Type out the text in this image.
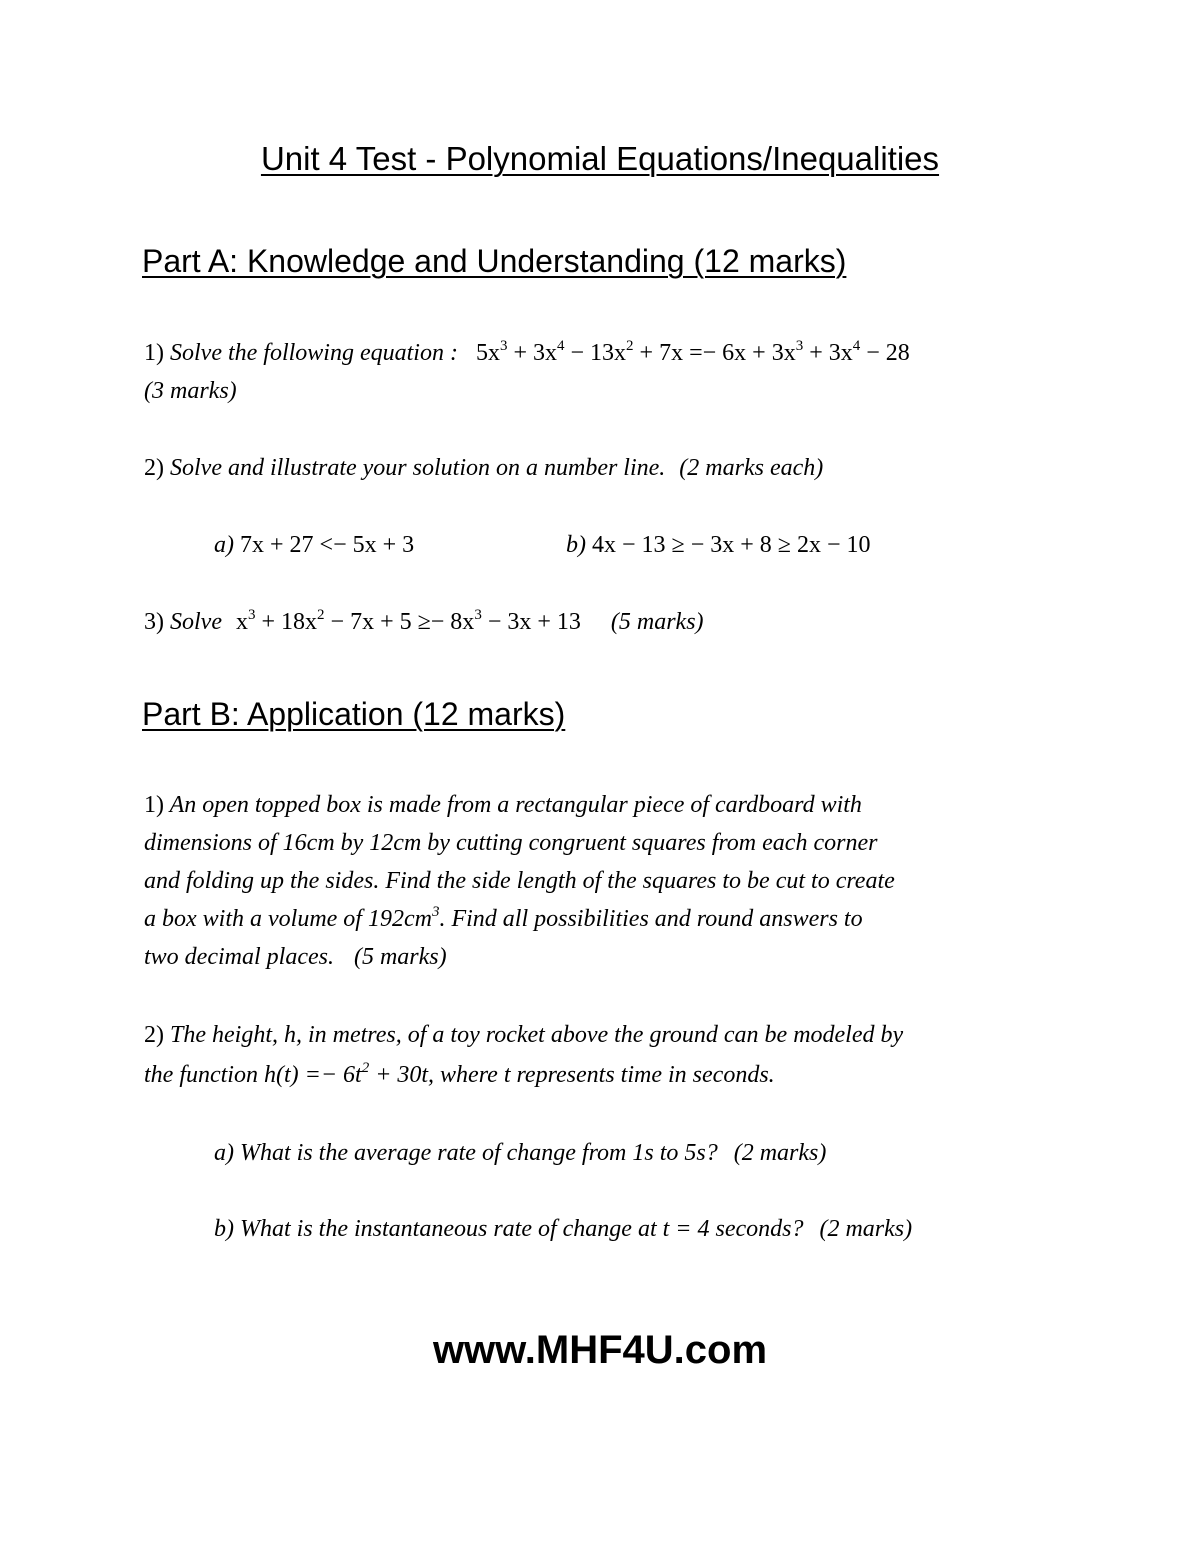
Unit 4 Test - Polynomial Equations/Inequalities
Part A: Knowledge and Understanding (12 marks)
1) Solve the following equation : $5x^3 + 3x^4 - 13x^2 + 7x =- 6x + 3x^3 + 3x^4 - 28$
(3 marks)
2) Solve and illustrate your solution on a number line. (2 marks each)
a) 7x + 27 <− 5x + 3	b) 4x − 13 ≥ − 3x + 8 ≥ 2x − 10
3) Solve $x^3 + 18x^2 - 7x + 5 \ge- 8x^3 - 3x + 13$ (5 marks)
Part B: Application (12 marks)
1) An open topped box is made from a rectangular piece of cardboard with
dimensions of 16cm by 12cm by cutting congruent squares from each corner
and folding up the sides. Find the side length of the squares to be cut to create
a box with a volume of $192cm^3$. Find all possibilities and round answers to
two decimal places. (5 marks)
2) The height, h, in metres, of a toy rocket above the ground can be modeled by
the function $h(t) =- 6t^2 + 30t$, where t represents time in seconds.
a) What is the average rate of change from 1s to 5s? (2 marks)
b) What is the instantaneous rate of change at t = 4 seconds? (2 marks)
www.MHF4U.com
